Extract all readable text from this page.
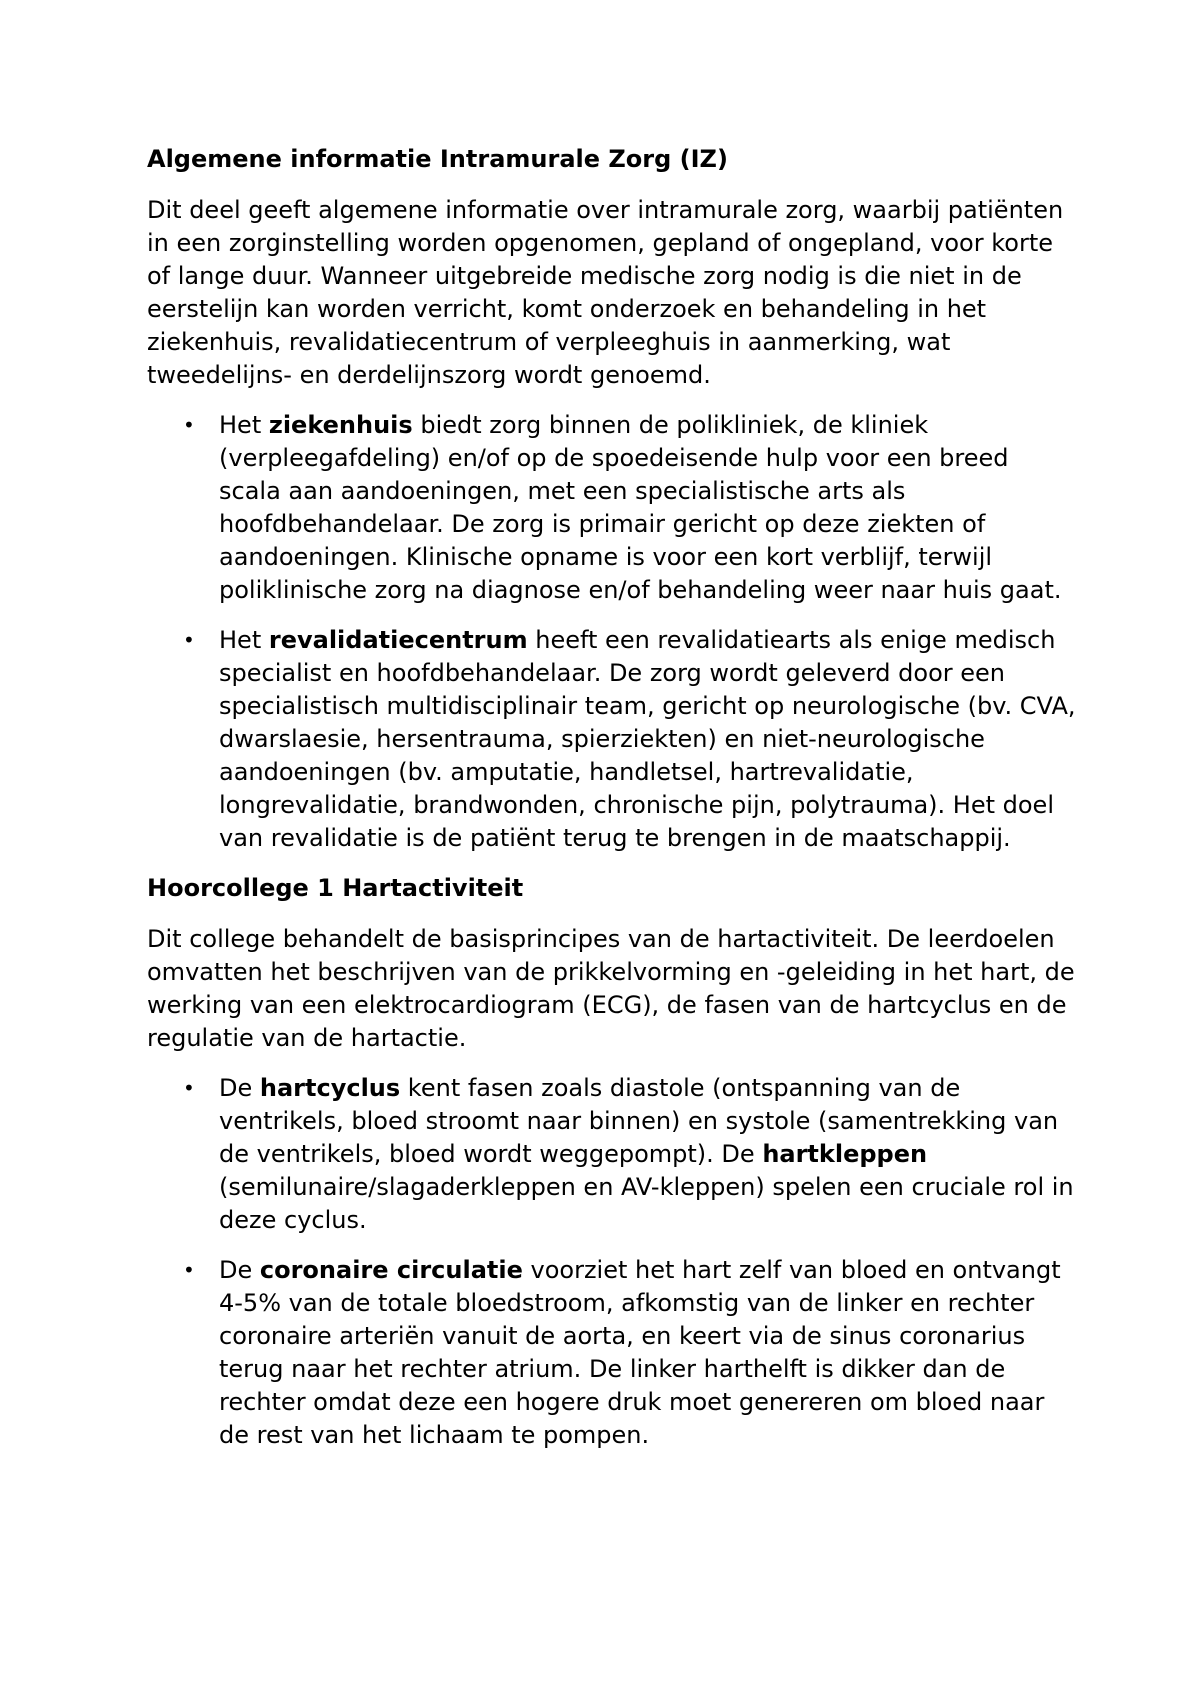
Algemene informatie Intramurale Zorg (IZ)

Dit deel geeft algemene informatie over intramurale zorg, waarbij patiënten in een zorginstelling worden opgenomen, gepland of ongepland, voor korte of lange duur. Wanneer uitgebreide medische zorg nodig is die niet in de eerstelijn kan worden verricht, komt onderzoek en behandeling in het ziekenhuis, revalidatiecentrum of verpleeghuis in aanmerking, wat tweedelijns- en derdelijnszorg wordt genoemd.

• Het ziekenhuis biedt zorg binnen de polikliniek, de kliniek (verpleegafdeling) en/of op de spoedeisende hulp voor een breed scala aan aandoeningen, met een specialistische arts als hoofdbehandelaar. De zorg is primair gericht op deze ziekten of aandoeningen. Klinische opname is voor een kort verblijf, terwijl poliklinische zorg na diagnose en/of behandeling weer naar huis gaat.
• Het revalidatiecentrum heeft een revalidatiearts als enige medisch specialist en hoofdbehandelaar. De zorg wordt geleverd door een specialistisch multidisciplinair team, gericht op neurologische (bv. CVA, dwarslaesie, hersentrauma, spierziekten) en niet-neurologische aandoeningen (bv. amputatie, handletsel, hartrevalidatie, longrevalidatie, brandwonden, chronische pijn, polytrauma). Het doel van revalidatie is de patiënt terug te brengen in de maatschappij.
Hoorcollege 1 Hartactiviteit

Dit college behandelt de basisprincipes van de hartactiviteit. De leerdoelen omvatten het beschrijven van de prikkelvorming en -geleiding in het hart, de werking van een elektrocardiogram (ECG), de fasen van de hartcyclus en de regulatie van de hartactie.

• De hartcyclus kent fasen zoals diastole (ontspanning van de ventrikels, bloed stroomt naar binnen) en systole (samentrekking van de ventrikels, bloed wordt weggepompt). De hartkleppen (semilunaire/slagaderkleppen en AV-kleppen) spelen een cruciale rol in deze cyclus.
• De coronaire circulatie voorziet het hart zelf van bloed en ontvangt 4-5% van de totale bloedstroom, afkomstig van de linker en rechter coronaire arteriën vanuit de aorta, en keert via de sinus coronarius terug naar het rechter atrium. De linker harthelft is dikker dan de rechter omdat deze een hogere druk moet genereren om bloed naar de rest van het lichaam te pompen.
